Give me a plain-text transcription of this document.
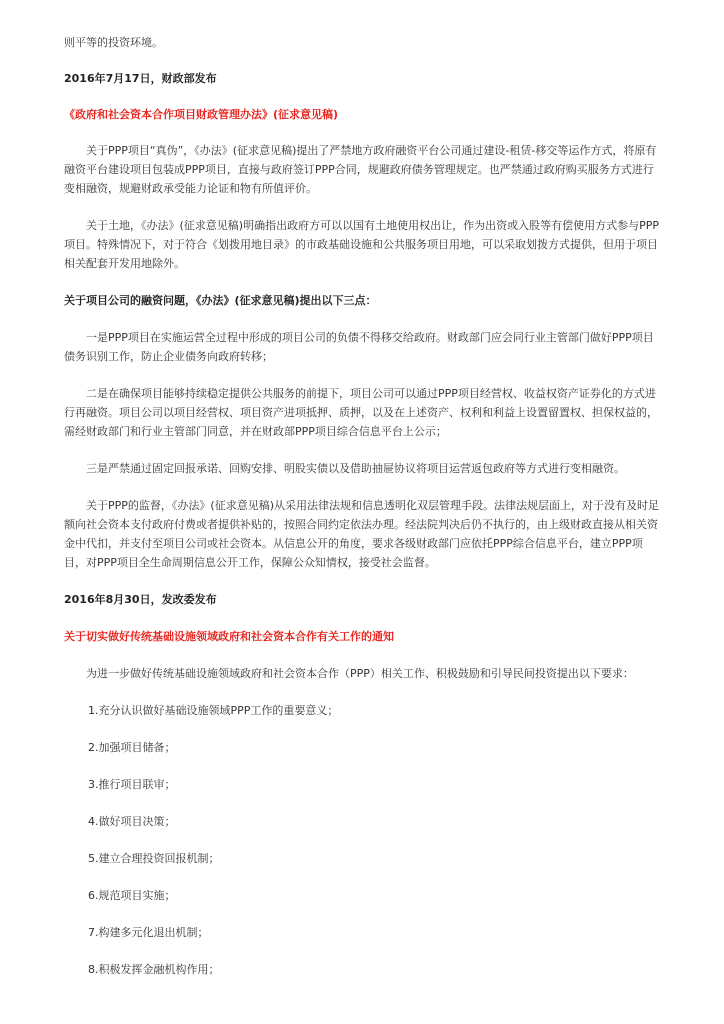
则平等的投资环境。

2016年7月17日，财政部发布

《政府和社会资本合作项目财政管理办法》(征求意见稿)

关于PPP项目“真伪”，《办法》(征求意见稿)提出了严禁地方政府融资平台公司通过建设-租赁-移交等运作方式，将原有融资平台建设项目包装成PPP项目，直接与政府签订PPP合同，规避政府债务管理规定。也严禁通过政府购买服务方式进行变相融资，规避财政承受能力论证和物有所值评价。

关于土地，《办法》(征求意见稿)明确指出政府方可以以国有土地使用权出让，作为出资或入股等有偿使用方式参与PPP项目。特殊情况下，对于符合《划拨用地目录》的市政基础设施和公共服务项目用地，可以采取划拨方式提供，但用于项目相关配套开发用地除外。

关于项目公司的融资问题，《办法》(征求意见稿)提出以下三点：

一是PPP项目在实施运营全过程中形成的项目公司的负债不得移交给政府。财政部门应会同行业主管部门做好PPP项目债务识别工作，防止企业债务向政府转移；

二是在确保项目能够持续稳定提供公共服务的前提下，项目公司可以通过PPP项目经营权、收益权资产证券化的方式进行再融资。项目公司以项目经营权、项目资产进项抵押、质押，以及在上述资产、权利和利益上设置留置权、担保权益的，需经财政部门和行业主管部门同意，并在财政部PPP项目综合信息平台上公示；

三是严禁通过固定回报承诺、回购安排、明股实债以及借助抽屉协议将项目运营返包政府等方式进行变相融资。

关于PPP的监督，《办法》(征求意见稿)从采用法律法规和信息透明化双层管理手段。法律法规层面上，对于没有及时足额向社会资本支付政府付费或者提供补贴的，按照合同约定依法办理。经法院判决后仍不执行的，由上级财政直接从相关资金中代扣，并支付至项目公司或社会资本。从信息公开的角度，要求各级财政部门应依托PPP综合信息平台，建立PPP项目，对PPP项目全生命周期信息公开工作，保障公众知情权，接受社会监督。

2016年8月30日，发改委发布

关于切实做好传统基础设施领域政府和社会资本合作有关工作的通知

为进一步做好传统基础设施领域政府和社会资本合作（PPP）相关工作、积极鼓励和引导民间投资提出以下要求：

1.充分认识做好基础设施领域PPP工作的重要意义；

2.加强项目储备；

3.推行项目联审；

4.做好项目决策；

5.建立合理投资回报机制；

6.规范项目实施；

7.构建多元化退出机制；

8.积极发挥金融机构作用；
